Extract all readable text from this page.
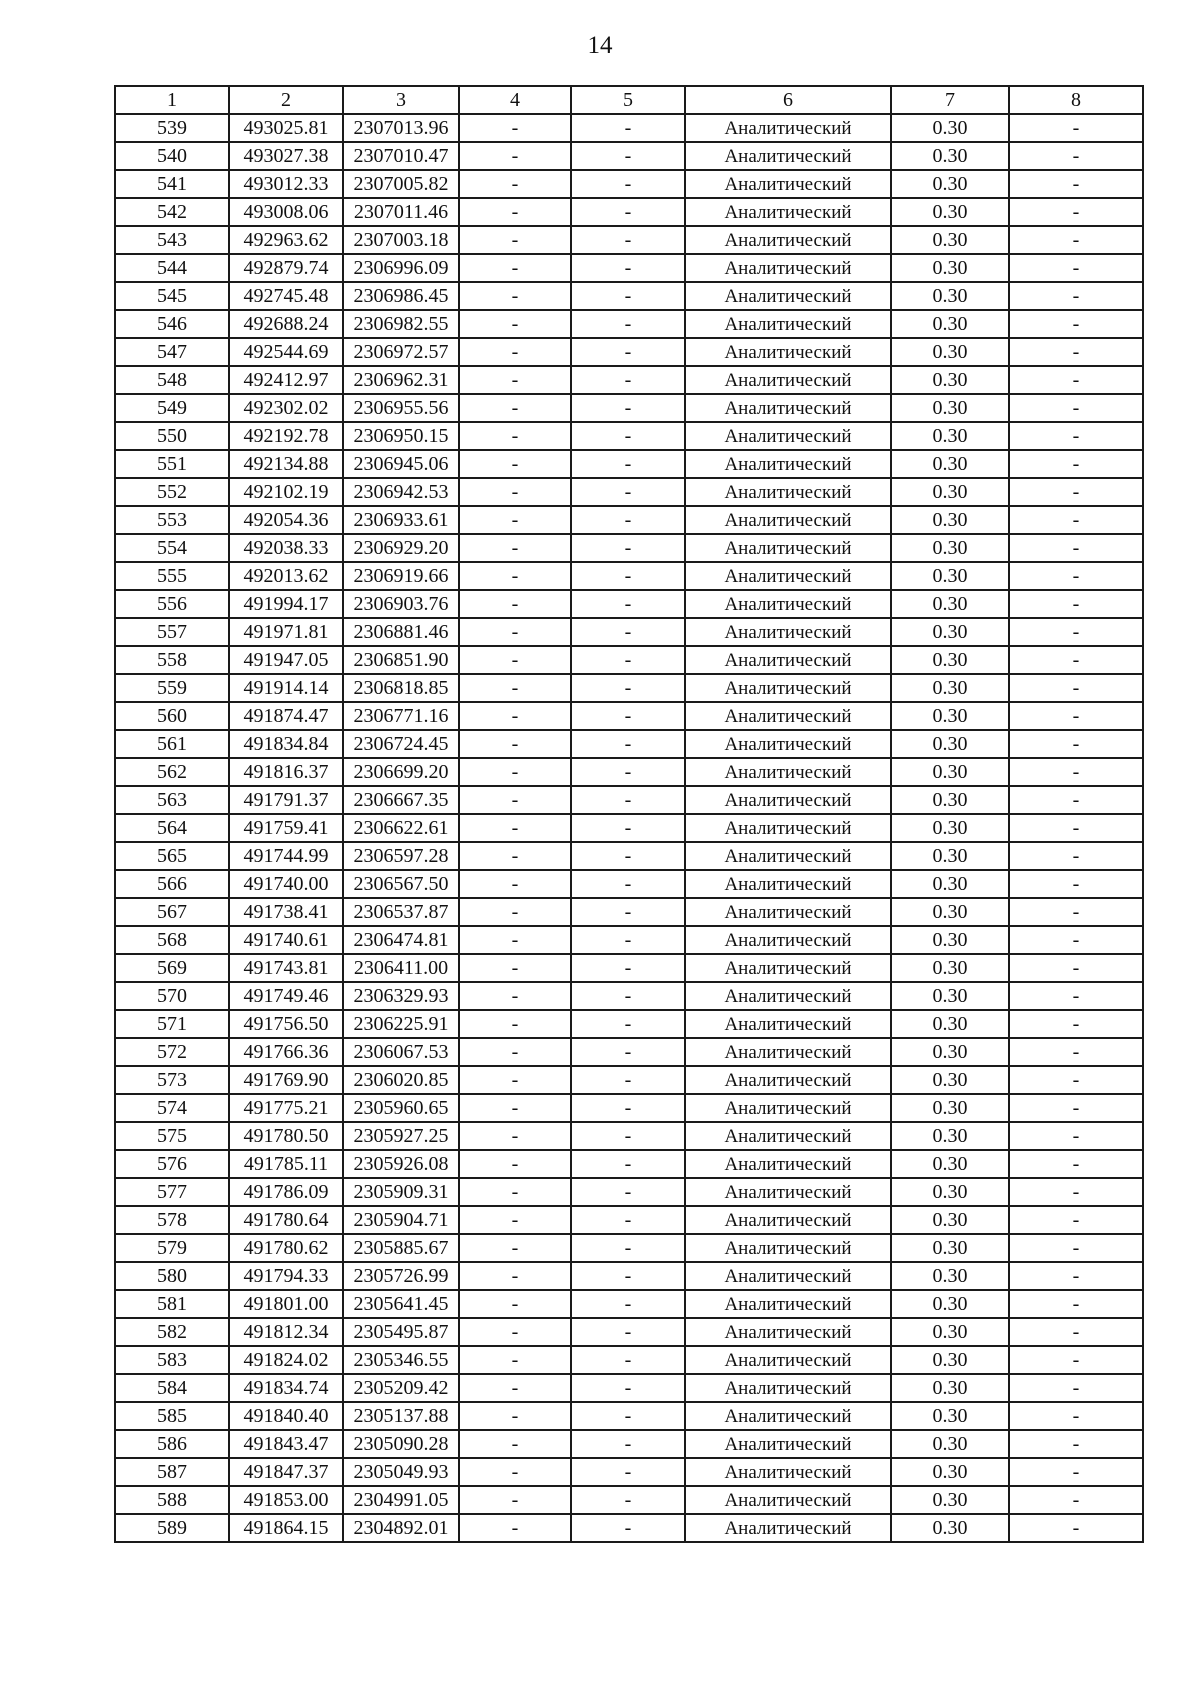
14
1	2	3	4	5	6	7	8
539	493025.81	2307013.96	-	-	Аналитический	0.30	-
540	493027.38	2307010.47	-	-	Аналитический	0.30	-
541	493012.33	2307005.82	-	-	Аналитический	0.30	-
542	493008.06	2307011.46	-	-	Аналитический	0.30	-
543	492963.62	2307003.18	-	-	Аналитический	0.30	-
544	492879.74	2306996.09	-	-	Аналитический	0.30	-
545	492745.48	2306986.45	-	-	Аналитический	0.30	-
546	492688.24	2306982.55	-	-	Аналитический	0.30	-
547	492544.69	2306972.57	-	-	Аналитический	0.30	-
548	492412.97	2306962.31	-	-	Аналитический	0.30	-
549	492302.02	2306955.56	-	-	Аналитический	0.30	-
550	492192.78	2306950.15	-	-	Аналитический	0.30	-
551	492134.88	2306945.06	-	-	Аналитический	0.30	-
552	492102.19	2306942.53	-	-	Аналитический	0.30	-
553	492054.36	2306933.61	-	-	Аналитический	0.30	-
554	492038.33	2306929.20	-	-	Аналитический	0.30	-
555	492013.62	2306919.66	-	-	Аналитический	0.30	-
556	491994.17	2306903.76	-	-	Аналитический	0.30	-
557	491971.81	2306881.46	-	-	Аналитический	0.30	-
558	491947.05	2306851.90	-	-	Аналитический	0.30	-
559	491914.14	2306818.85	-	-	Аналитический	0.30	-
560	491874.47	2306771.16	-	-	Аналитический	0.30	-
561	491834.84	2306724.45	-	-	Аналитический	0.30	-
562	491816.37	2306699.20	-	-	Аналитический	0.30	-
563	491791.37	2306667.35	-	-	Аналитический	0.30	-
564	491759.41	2306622.61	-	-	Аналитический	0.30	-
565	491744.99	2306597.28	-	-	Аналитический	0.30	-
566	491740.00	2306567.50	-	-	Аналитический	0.30	-
567	491738.41	2306537.87	-	-	Аналитический	0.30	-
568	491740.61	2306474.81	-	-	Аналитический	0.30	-
569	491743.81	2306411.00	-	-	Аналитический	0.30	-
570	491749.46	2306329.93	-	-	Аналитический	0.30	-
571	491756.50	2306225.91	-	-	Аналитический	0.30	-
572	491766.36	2306067.53	-	-	Аналитический	0.30	-
573	491769.90	2306020.85	-	-	Аналитический	0.30	-
574	491775.21	2305960.65	-	-	Аналитический	0.30	-
575	491780.50	2305927.25	-	-	Аналитический	0.30	-
576	491785.11	2305926.08	-	-	Аналитический	0.30	-
577	491786.09	2305909.31	-	-	Аналитический	0.30	-
578	491780.64	2305904.71	-	-	Аналитический	0.30	-
579	491780.62	2305885.67	-	-	Аналитический	0.30	-
580	491794.33	2305726.99	-	-	Аналитический	0.30	-
581	491801.00	2305641.45	-	-	Аналитический	0.30	-
582	491812.34	2305495.87	-	-	Аналитический	0.30	-
583	491824.02	2305346.55	-	-	Аналитический	0.30	-
584	491834.74	2305209.42	-	-	Аналитический	0.30	-
585	491840.40	2305137.88	-	-	Аналитический	0.30	-
586	491843.47	2305090.28	-	-	Аналитический	0.30	-
587	491847.37	2305049.93	-	-	Аналитический	0.30	-
588	491853.00	2304991.05	-	-	Аналитический	0.30	-
589	491864.15	2304892.01	-	-	Аналитический	0.30	-
